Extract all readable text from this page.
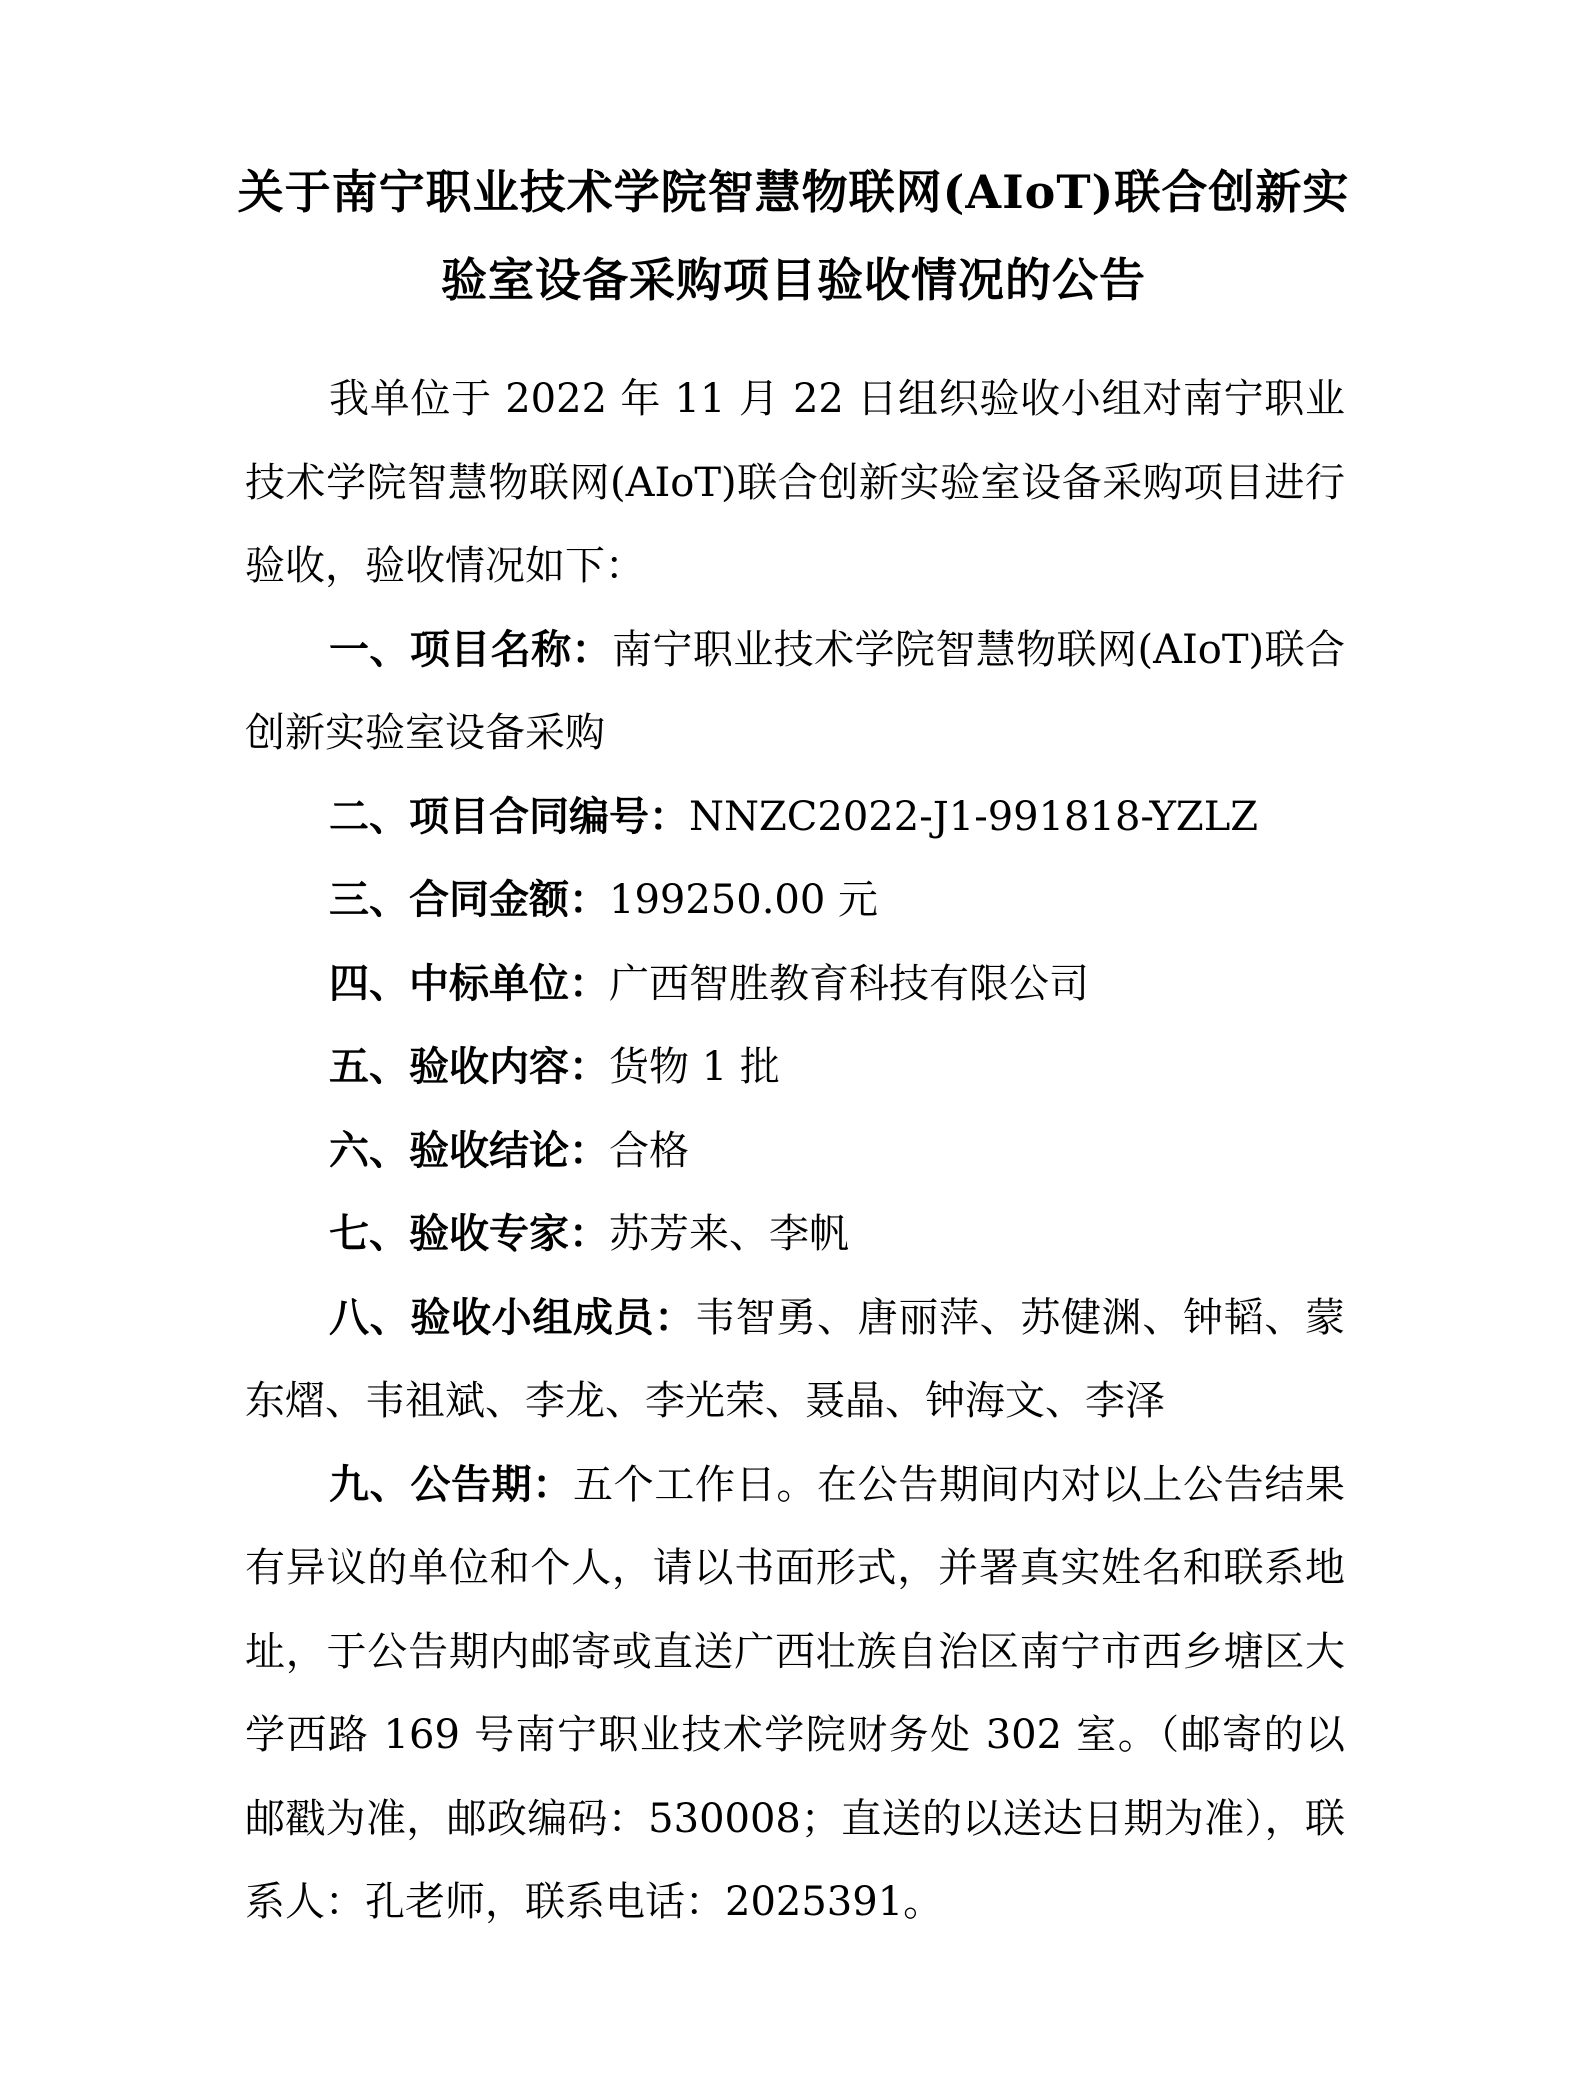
关于南宁职业技术学院智慧物联网(AIoT)联合创新实
验室设备采购项目验收情况的公告

我单位于 2022 年 11 月 22 日组织验收小组对南宁职业技术学院智慧物联网(AIoT)联合创新实验室设备采购项目进行验收，验收情况如下：

一、项目名称：南宁职业技术学院智慧物联网(AIoT)联合创新实验室设备采购

二、项目合同编号：NNZC2022-J1-991818-YZLZ

三、合同金额：199250.00 元

四、中标单位：广西智胜教育科技有限公司

五、验收内容：货物 1 批

六、验收结论：合格

七、验收专家：苏芳来、李帆

八、验收小组成员：韦智勇、唐丽萍、苏健渊、钟韬、蒙东熠、韦祖斌、李龙、李光荣、聂晶、钟海文、李泽

九、公告期：五个工作日。在公告期间内对以上公告结果有异议的单位和个人，请以书面形式，并署真实姓名和联系地址，于公告期内邮寄或直送广西壮族自治区南宁市西乡塘区大学西路 169 号南宁职业技术学院财务处 302 室。（邮寄的以邮戳为准，邮政编码：530008；直送的以送达日期为准），联系人：孔老师，联系电话：2025391。
